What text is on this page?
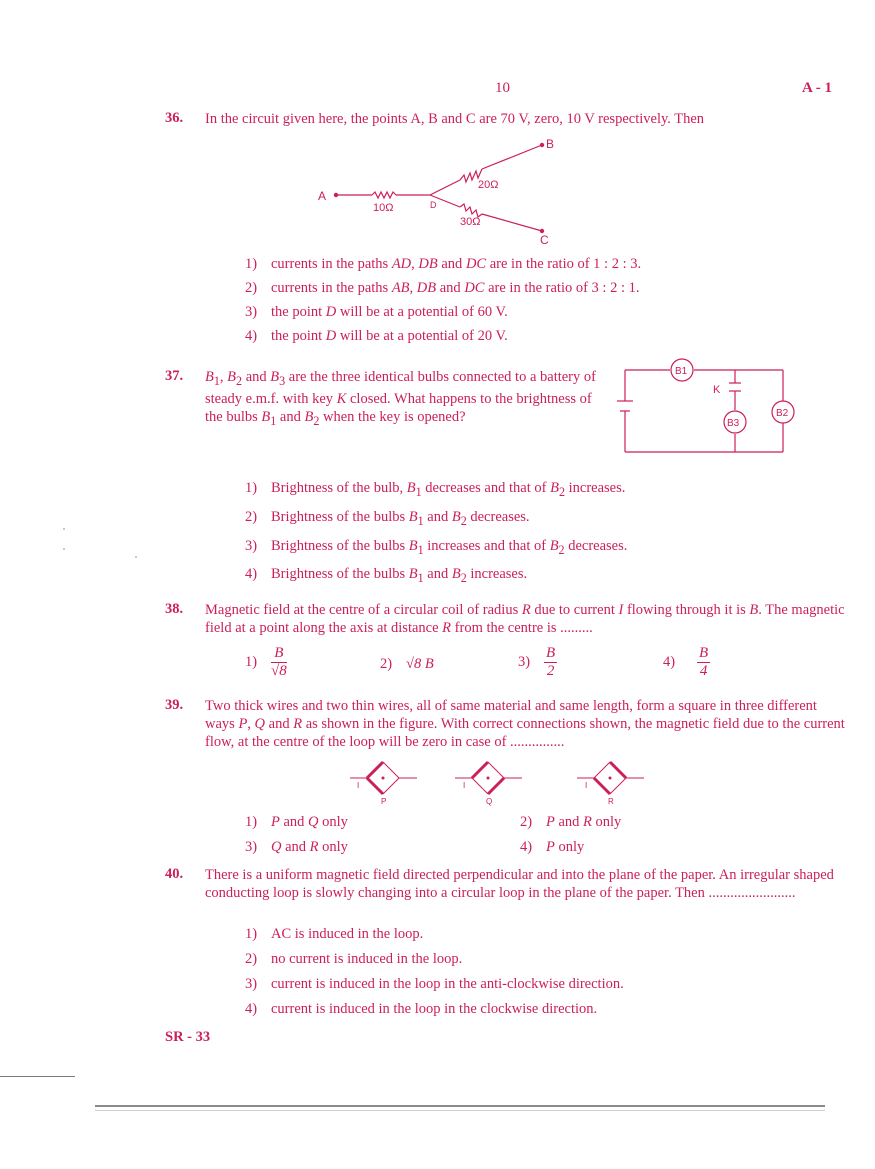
10	A - 1
36. In the circuit given here, the points A, B and C are 70 V, zero, 10 V respectively. Then
A
B
C
D
10Ω
20Ω
30Ω
1) currents in the paths AD, DB and DC are in the ratio of 1 : 2 : 3.
2) currents in the paths AB, DB and DC are in the ratio of 3 : 2 : 1.
3) the point D will be at a potential of 60 V.
4) the point D will be at a potential of 20 V.
37. $B_1$, $B_2$ and $B_3$ are the three identical bulbs connected to a battery of steady e.m.f. with key K closed. What happens to the brightness of the bulbs $B_1$ and $B_2$ when the key is opened?
B1
B2
B3
K
1) Brightness of the bulb, $B_1$ decreases and that of $B_2$ increases.
2) Brightness of the bulbs $B_1$ and $B_2$ decreases.
3) Brightness of the bulbs $B_1$ increases and that of $B_2$ decreases.
4) Brightness of the bulbs $B_1$ and $B_2$ increases.
38. Magnetic field at the centre of a circular coil of radius R due to current I flowing through it is B. The magnetic field at a point along the axis at distance R from the centre is .........
$1) \frac{B}{√8}$	2) √8 B	$3) \frac{B}{2}$	$4) \frac{B}{4}$
39. Two thick wires and two thin wires, all of same material and same length, form a square in three different ways P, Q and R as shown in the figure. With correct connections shown, the magnetic field due to the current flow, at the centre of the loop will be zero in case of ...............
I	I	I
P	Q	R
1) P and Q only	2) P and R only
3) Q and R only	4) P only
40. There is a uniform magnetic field directed perpendicular and into the plane of the paper. An irregular shaped conducting loop is slowly changing into a circular loop in the plane of the paper. Then ........................
1) AC is induced in the loop.
2) no current is induced in the loop.
3) current is induced in the loop in the anti-clockwise direction.
4) current is induced in the loop in the clockwise direction.
SR - 33
